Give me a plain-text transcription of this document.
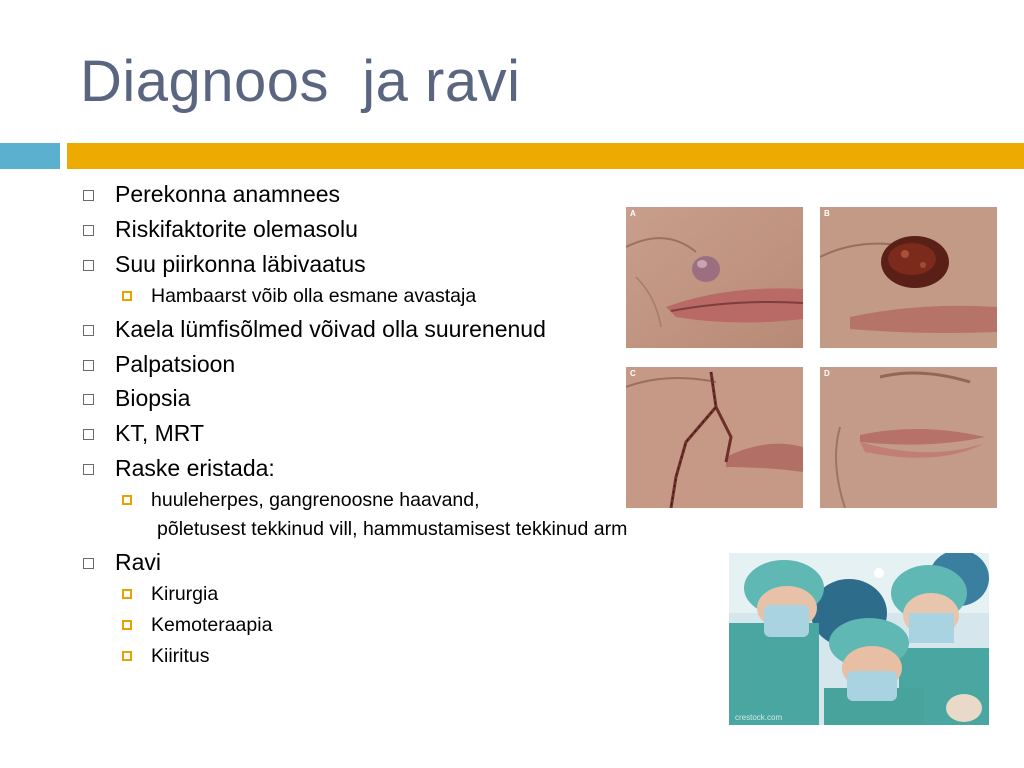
Diagnoos  ja ravi
Perekonna anamnees
Riskifaktorite olemasolu
Suu piirkonna läbivaatus
Hambaarst võib olla esmane avastaja
Kaela lümfisõlmed võivad olla suurenenud
Palpatsioon
Biopsia
KT, MRT
Raske eristada:
huuleherpes, gangrenoosne haavand,
põletusest tekkinud vill, hammustamisest tekkinud arm
Ravi
Kirurgia
Kemoteraapia
Kiiritus
A	B
C	D
crestock.com
